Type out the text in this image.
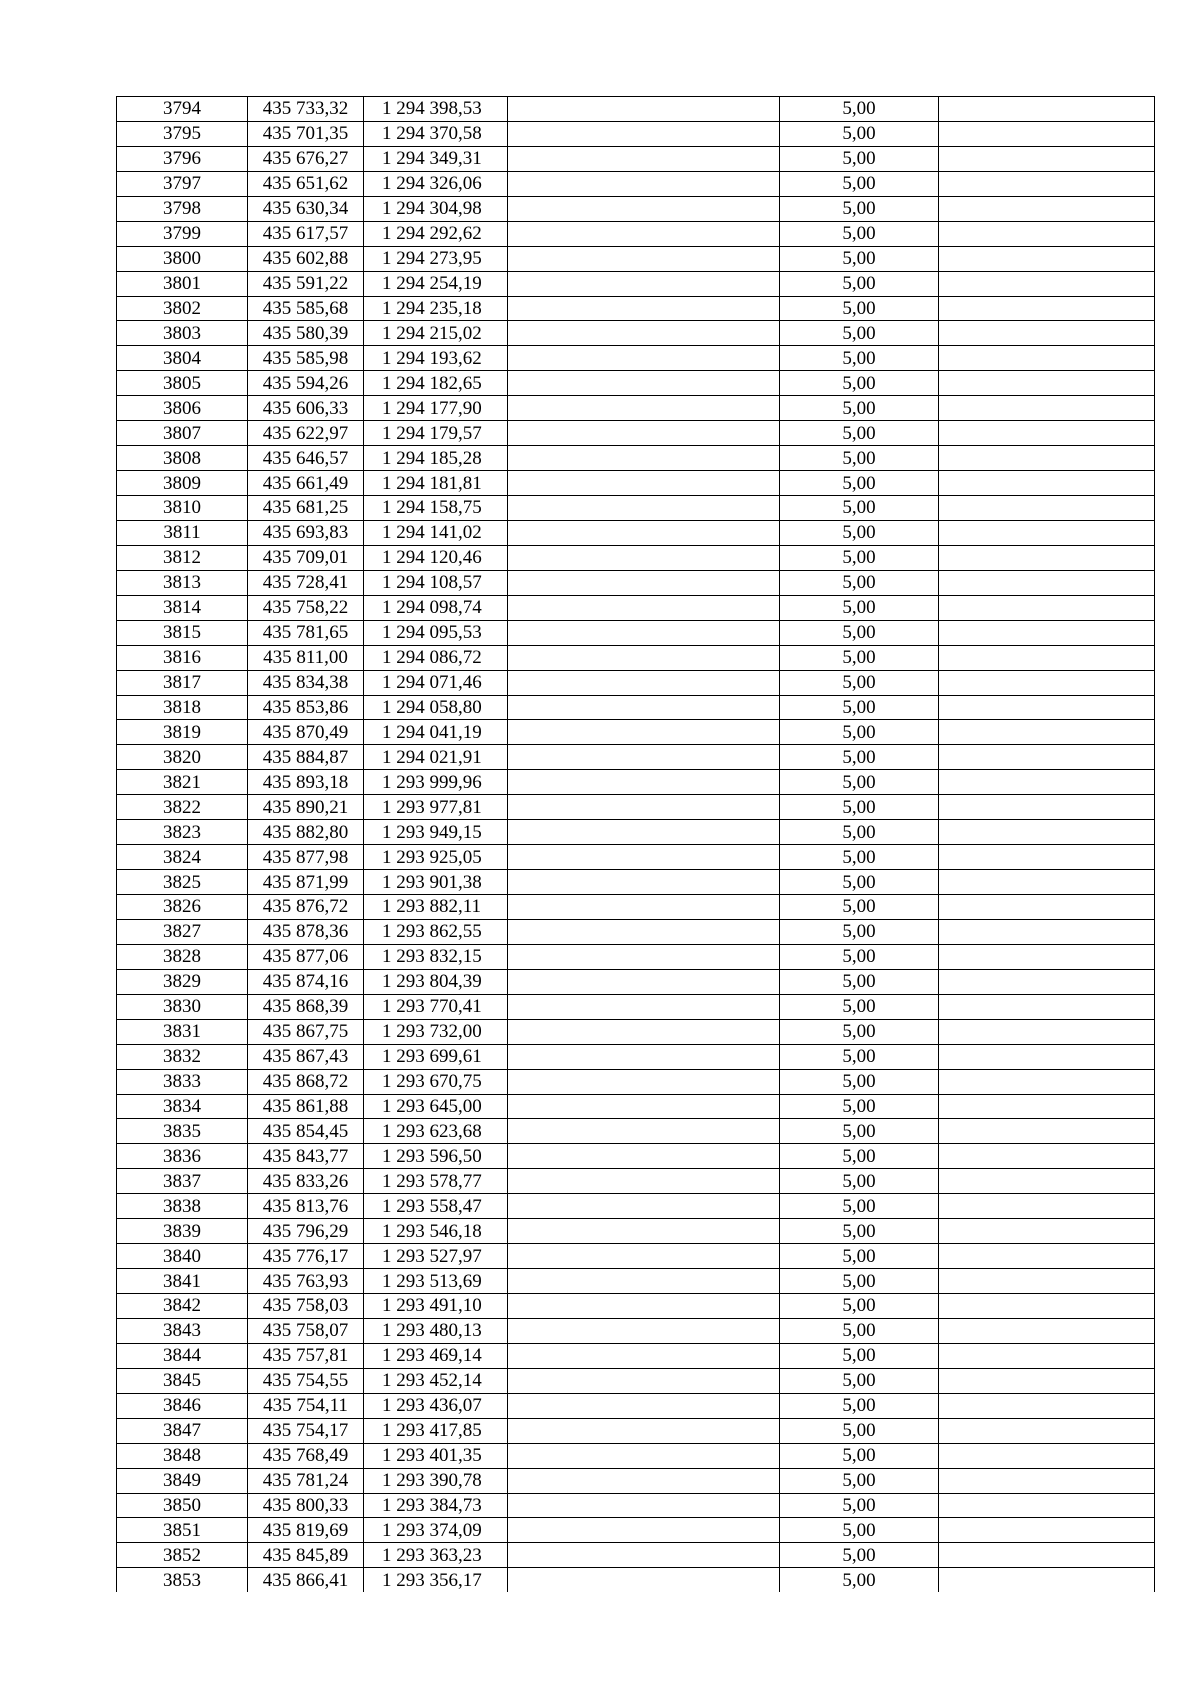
3794	435 733,32	1 294 398,53		5,00	
3795	435 701,35	1 294 370,58		5,00	
3796	435 676,27	1 294 349,31		5,00	
3797	435 651,62	1 294 326,06		5,00	
3798	435 630,34	1 294 304,98		5,00	
3799	435 617,57	1 294 292,62		5,00	
3800	435 602,88	1 294 273,95		5,00	
3801	435 591,22	1 294 254,19		5,00	
3802	435 585,68	1 294 235,18		5,00	
3803	435 580,39	1 294 215,02		5,00	
3804	435 585,98	1 294 193,62		5,00	
3805	435 594,26	1 294 182,65		5,00	
3806	435 606,33	1 294 177,90		5,00	
3807	435 622,97	1 294 179,57		5,00	
3808	435 646,57	1 294 185,28		5,00	
3809	435 661,49	1 294 181,81		5,00	
3810	435 681,25	1 294 158,75		5,00	
3811	435 693,83	1 294 141,02		5,00	
3812	435 709,01	1 294 120,46		5,00	
3813	435 728,41	1 294 108,57		5,00	
3814	435 758,22	1 294 098,74		5,00	
3815	435 781,65	1 294 095,53		5,00	
3816	435 811,00	1 294 086,72		5,00	
3817	435 834,38	1 294 071,46		5,00	
3818	435 853,86	1 294 058,80		5,00	
3819	435 870,49	1 294 041,19		5,00	
3820	435 884,87	1 294 021,91		5,00	
3821	435 893,18	1 293 999,96		5,00	
3822	435 890,21	1 293 977,81		5,00	
3823	435 882,80	1 293 949,15		5,00	
3824	435 877,98	1 293 925,05		5,00	
3825	435 871,99	1 293 901,38		5,00	
3826	435 876,72	1 293 882,11		5,00	
3827	435 878,36	1 293 862,55		5,00	
3828	435 877,06	1 293 832,15		5,00	
3829	435 874,16	1 293 804,39		5,00	
3830	435 868,39	1 293 770,41		5,00	
3831	435 867,75	1 293 732,00		5,00	
3832	435 867,43	1 293 699,61		5,00	
3833	435 868,72	1 293 670,75		5,00	
3834	435 861,88	1 293 645,00		5,00	
3835	435 854,45	1 293 623,68		5,00	
3836	435 843,77	1 293 596,50		5,00	
3837	435 833,26	1 293 578,77		5,00	
3838	435 813,76	1 293 558,47		5,00	
3839	435 796,29	1 293 546,18		5,00	
3840	435 776,17	1 293 527,97		5,00	
3841	435 763,93	1 293 513,69		5,00	
3842	435 758,03	1 293 491,10		5,00	
3843	435 758,07	1 293 480,13		5,00	
3844	435 757,81	1 293 469,14		5,00	
3845	435 754,55	1 293 452,14		5,00	
3846	435 754,11	1 293 436,07		5,00	
3847	435 754,17	1 293 417,85		5,00	
3848	435 768,49	1 293 401,35		5,00	
3849	435 781,24	1 293 390,78		5,00	
3850	435 800,33	1 293 384,73		5,00	
3851	435 819,69	1 293 374,09		5,00	
3852	435 845,89	1 293 363,23		5,00	
3853	435 866,41	1 293 356,17		5,00	
